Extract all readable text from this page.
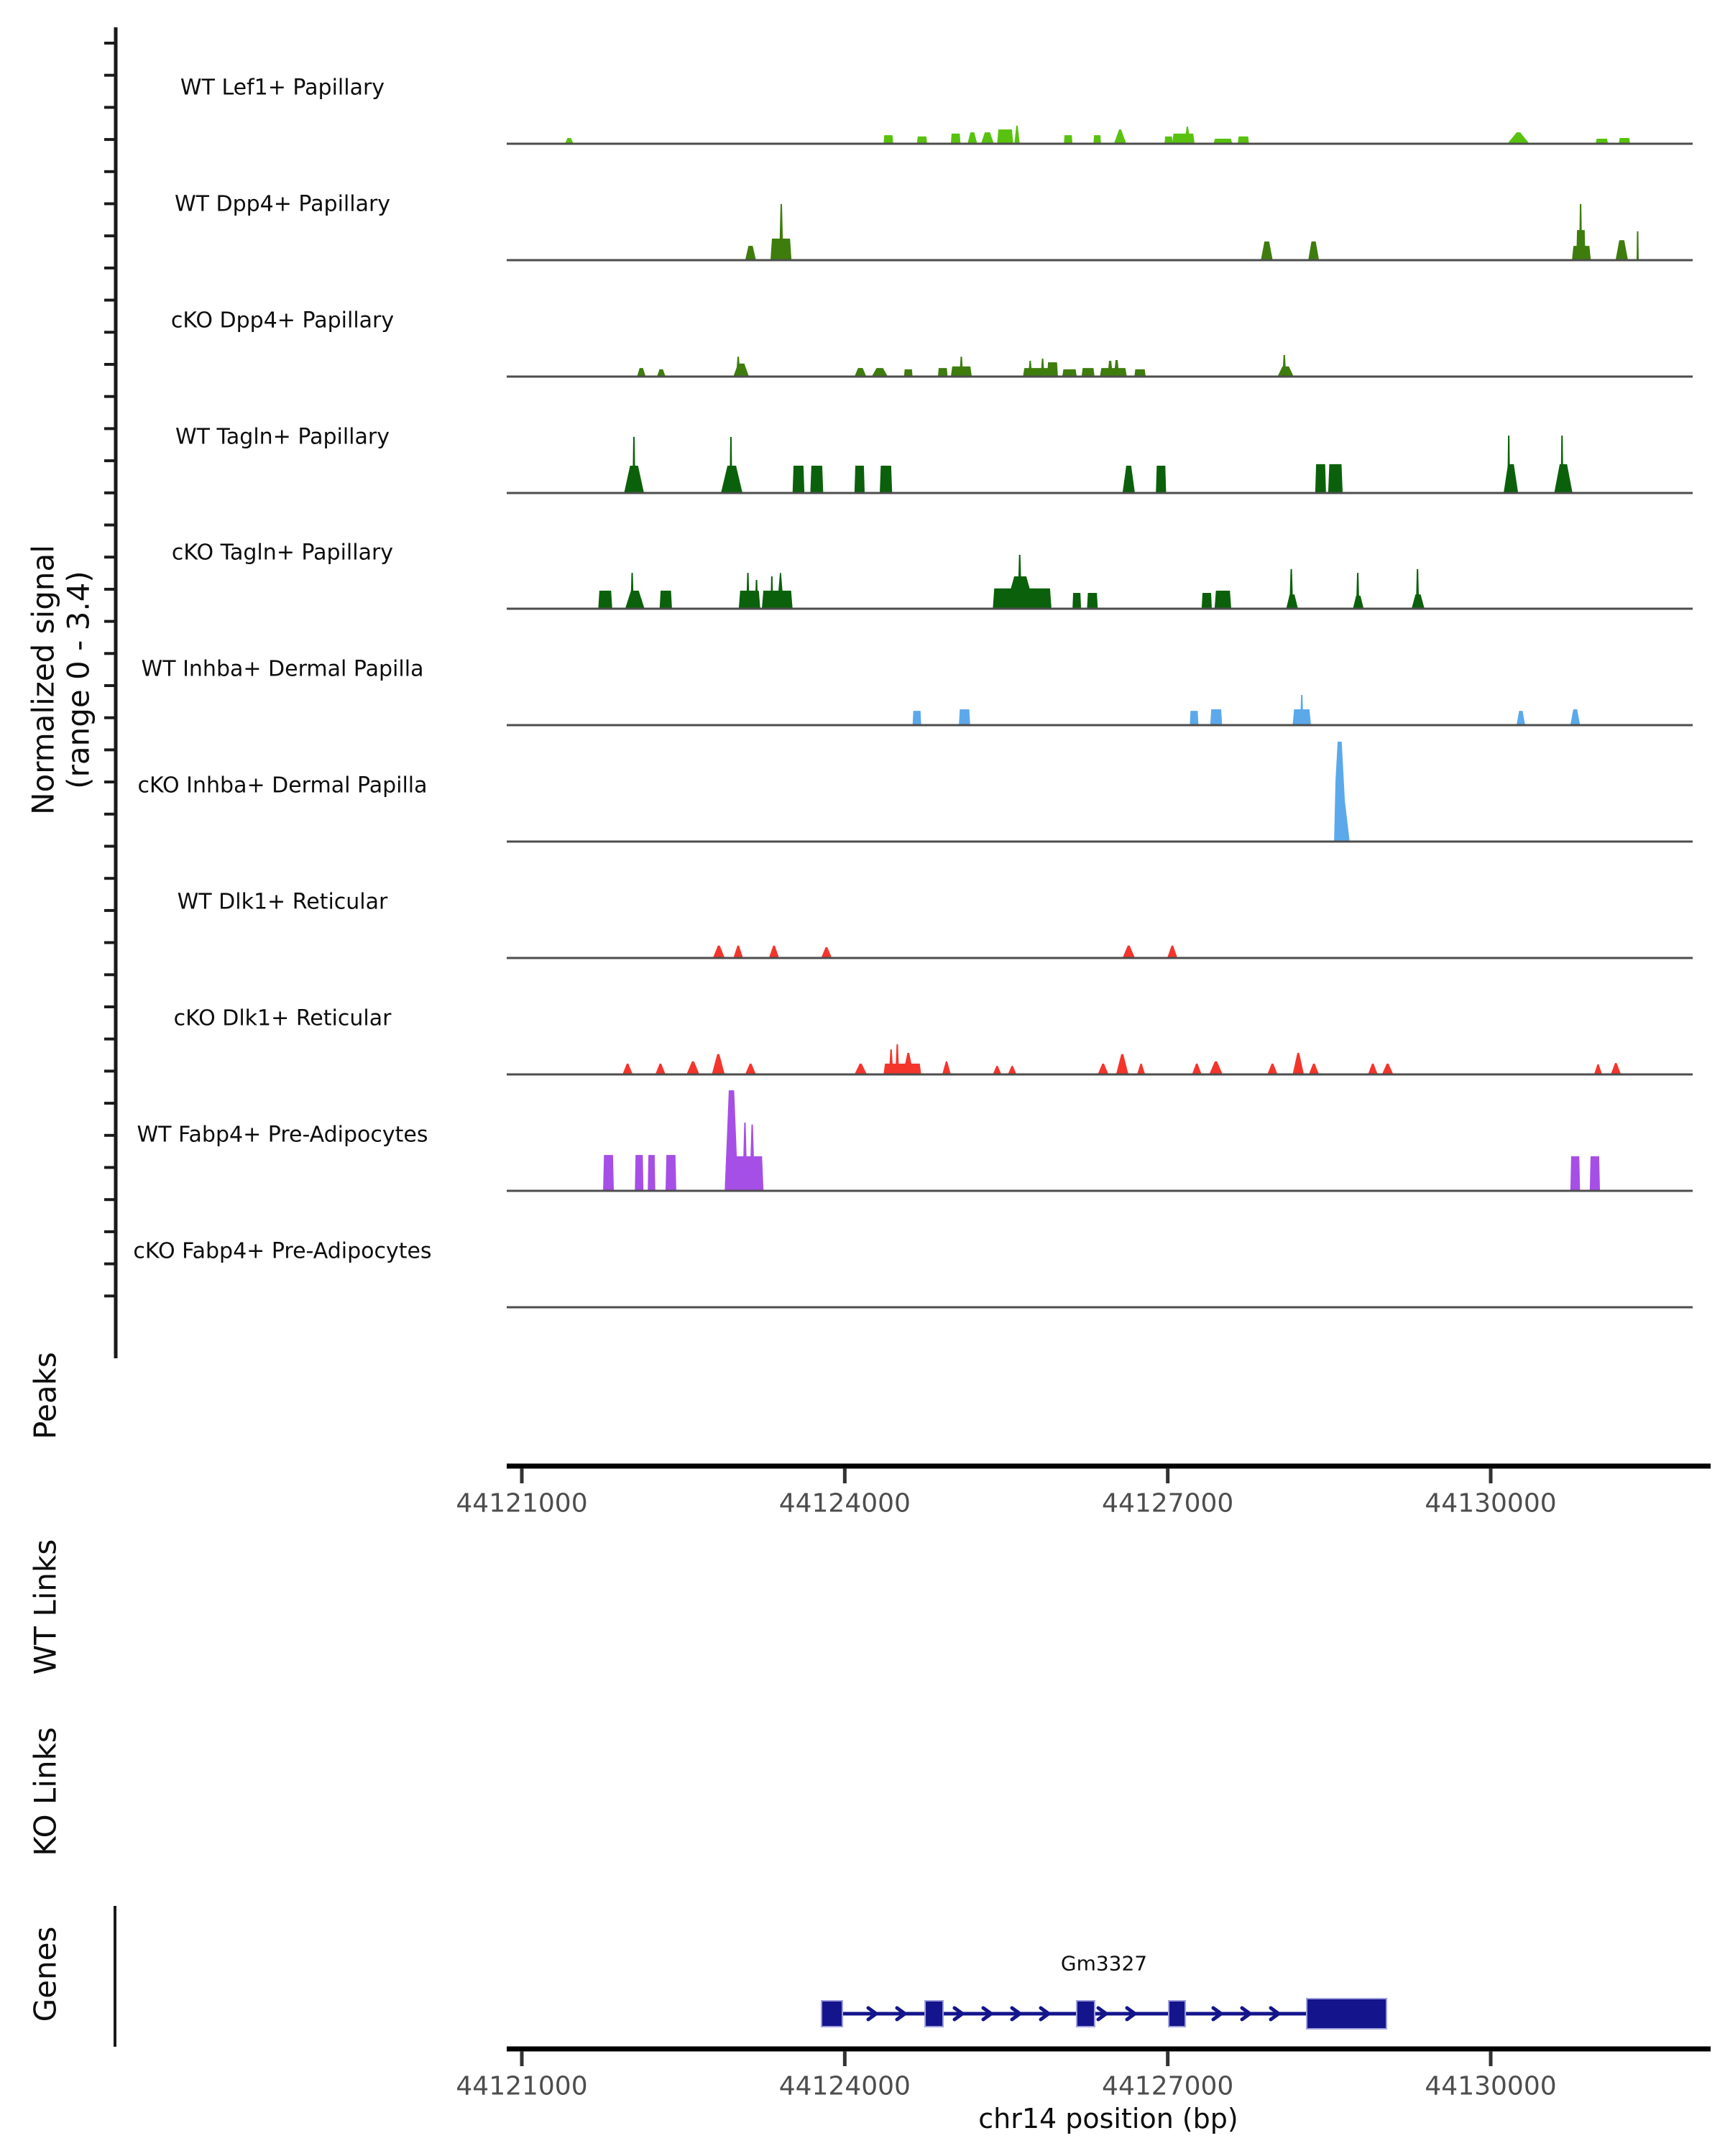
Normalized signal (range 0 - 3.4)
Peaks
WT Links
KO Links
Genes	Gm3327
chr14 position (bp)
WT Lef1+ Papillary
WT Dpp4+ Papillary
cKO Dpp4+ Papillary
WT Tagln+ Papillary
cKO Tagln+ Papillary
WT Inhba+ Dermal Papilla
cKO Inhba+ Dermal Papilla
WT Dlk1+ Reticular
cKO Dlk1+ Reticular
WT Fabp4+ Pre-Adipocytes
cKO Fabp4+ Pre-Adipocytes
44121000	44124000	44127000	44130000
44121000	44124000	44127000	44130000
